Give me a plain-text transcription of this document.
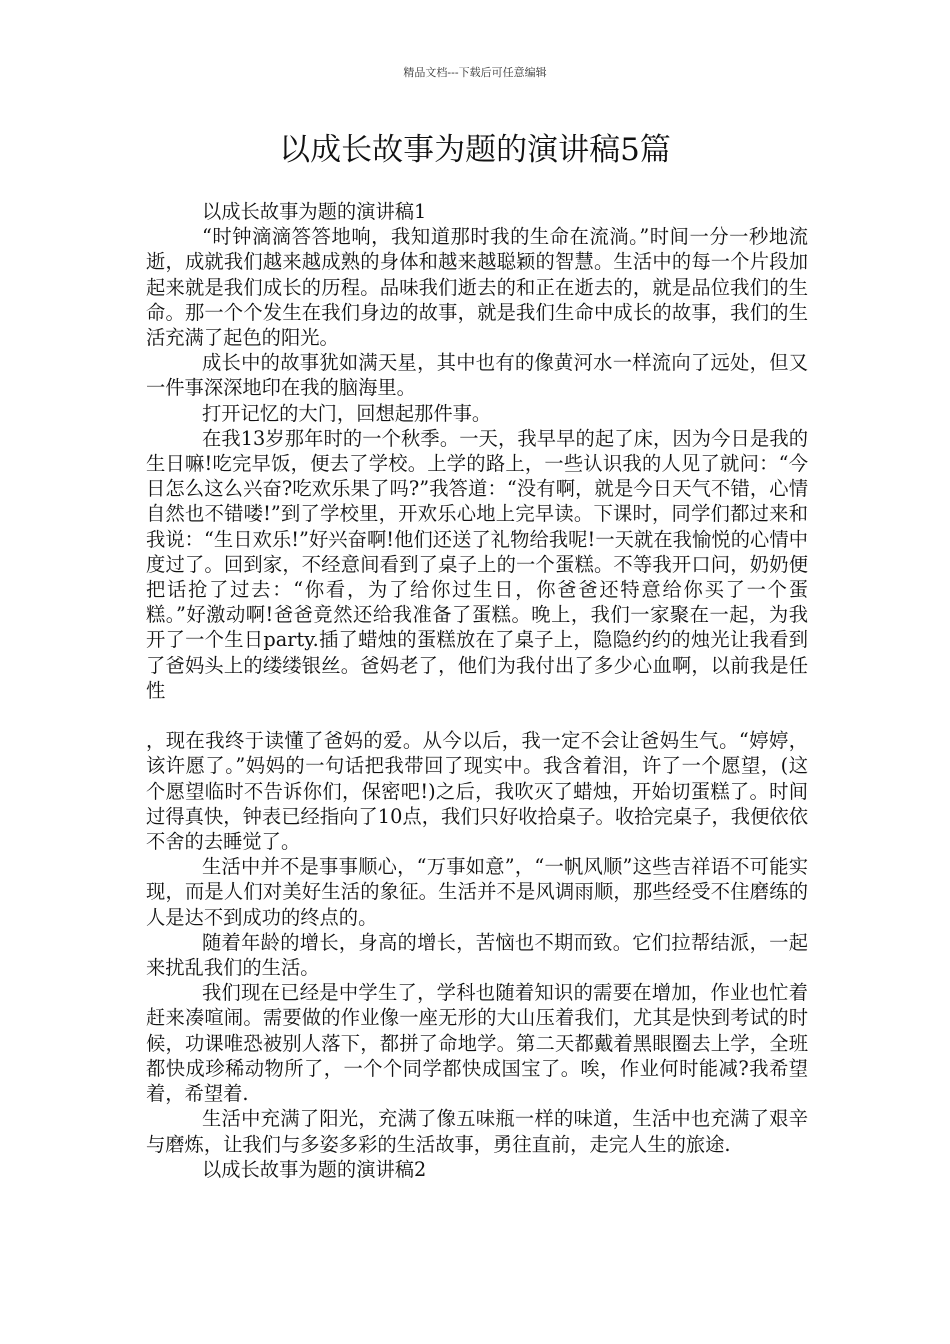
精品文档---下载后可任意编辑
以成长故事为题的演讲稿5篇

以成长故事为题的演讲稿1

“时钟滴滴答答地响，我知道那时我的生命在流淌。”时间一分一秒地流逝，成就我们越来越成熟的身体和越来越聪颖的智慧。生活中的每一个片段加起来就是我们成长的历程。品味我们逝去的和正在逝去的，就是品位我们的生命。那一个个发生在我们身边的故事，就是我们生命中成长的故事，我们的生活充满了起色的阳光。

成长中的故事犹如满天星，其中也有的像黄河水一样流向了远处，但又一件事深深地印在我的脑海里。

打开记忆的大门，回想起那件事。

在我13岁那年时的一个秋季。一天，我早早的起了床，因为今日是我的生日嘛!吃完早饭，便去了学校。上学的路上，一些认识我的人见了就问：“今日怎么这么兴奋?吃欢乐果了吗?”我答道：“没有啊，就是今日天气不错，心情自然也不错喽!”到了学校里，开欢乐心地上完早读。下课时，同学们都过来和我说：“生日欢乐!”好兴奋啊!他们还送了礼物给我呢!一天就在我愉悦的心情中度过了。回到家，不经意间看到了桌子上的一个蛋糕。不等我开口问，奶奶便把话抢了过去：“你看，为了给你过生日，你爸爸还特意给你买了一个蛋糕。”好激动啊!爸爸竟然还给我准备了蛋糕。晚上，我们一家聚在一起，为我开了一个生日party.插了蜡烛的蛋糕放在了桌子上，隐隐约约的烛光让我看到了爸妈头上的缕缕银丝。爸妈老了，他们为我付出了多少心血啊，以前我是任性

，现在我终于读懂了爸妈的爱。从今以后，我一定不会让爸妈生气。“婷婷，该许愿了。”妈妈的一句话把我带回了现实中。我含着泪，许了一个愿望，(这个愿望临时不告诉你们，保密吧!)之后，我吹灭了蜡烛，开始切蛋糕了。时间过得真快，钟表已经指向了10点，我们只好收拾桌子。收拾完桌子，我便依依不舍的去睡觉了。

生活中并不是事事顺心，“万事如意”，“一帆风顺”这些吉祥语不可能实现，而是人们对美好生活的象征。生活并不是风调雨顺，那些经受不住磨练的人是达不到成功的终点的。

随着年龄的增长，身高的增长，苦恼也不期而致。它们拉帮结派，一起来扰乱我们的生活。

我们现在已经是中学生了，学科也随着知识的需要在增加，作业也忙着赶来凑喧闹。需要做的作业像一座无形的大山压着我们，尤其是快到考试的时候，功课唯恐被别人落下，都拼了命地学。第二天都戴着黑眼圈去上学，全班都快成珍稀动物所了，一个个同学都快成国宝了。唉，作业何时能减?我希望着，希望着.

生活中充满了阳光，充满了像五味瓶一样的味道，生活中也充满了艰辛与磨炼，让我们与多姿多彩的生活故事，勇往直前，走完人生的旅途.

以成长故事为题的演讲稿2
